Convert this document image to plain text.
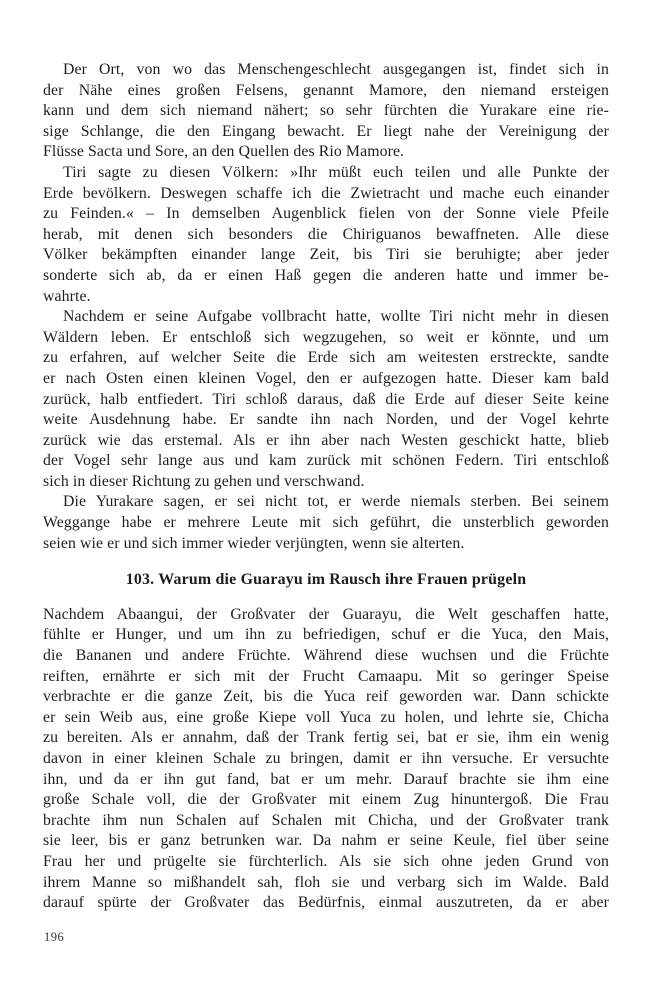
Der Ort, von wo das Menschengeschlecht ausgegangen ist, findet sich in
der Nähe eines großen Felsens, genannt Mamore, den niemand ersteigen
kann und dem sich niemand nähert; so sehr fürchten die Yurakare eine rie-
sige Schlange, die den Eingang bewacht. Er liegt nahe der Vereinigung der
Flüsse Sacta und Sore, an den Quellen des Rio Mamore.
Tiri sagte zu diesen Völkern: »Ihr müßt euch teilen und alle Punkte der
Erde bevölkern. Deswegen schaffe ich die Zwietracht und mache euch einander
zu Feinden.« – In demselben Augenblick fielen von der Sonne viele Pfeile
herab, mit denen sich besonders die Chiriguanos bewaffneten. Alle diese
Völker bekämpften einander lange Zeit, bis Tiri sie beruhigte; aber jeder
sonderte sich ab, da er einen Haß gegen die anderen hatte und immer be-
wahrte.
Nachdem er seine Aufgabe vollbracht hatte, wollte Tiri nicht mehr in diesen
Wäldern leben. Er entschloß sich wegzugehen, so weit er könnte, und um
zu erfahren, auf welcher Seite die Erde sich am weitesten erstreckte, sandte
er nach Osten einen kleinen Vogel, den er aufgezogen hatte. Dieser kam bald
zurück, halb entfiedert. Tiri schloß daraus, daß die Erde auf dieser Seite keine
weite Ausdehnung habe. Er sandte ihn nach Norden, und der Vogel kehrte
zurück wie das erstemal. Als er ihn aber nach Westen geschickt hatte, blieb
der Vogel sehr lange aus und kam zurück mit schönen Federn. Tiri entschloß
sich in dieser Richtung zu gehen und verschwand.
Die Yurakare sagen, er sei nicht tot, er werde niemals sterben. Bei seinem
Weggange habe er mehrere Leute mit sich geführt, die unsterblich geworden
seien wie er und sich immer wieder verjüngten, wenn sie alterten.
103. Warum die Guarayu im Rausch ihre Frauen prügeln
Nachdem Abaangui, der Großvater der Guarayu, die Welt geschaffen hatte,
fühlte er Hunger, und um ihn zu befriedigen, schuf er die Yuca, den Mais,
die Bananen und andere Früchte. Während diese wuchsen und die Früchte
reiften, ernährte er sich mit der Frucht Camaapu. Mit so geringer Speise
verbrachte er die ganze Zeit, bis die Yuca reif geworden war. Dann schickte
er sein Weib aus, eine große Kiepe voll Yuca zu holen, und lehrte sie, Chicha
zu bereiten. Als er annahm, daß der Trank fertig sei, bat er sie, ihm ein wenig
davon in einer kleinen Schale zu bringen, damit er ihn versuche. Er versuchte
ihn, und da er ihn gut fand, bat er um mehr. Darauf brachte sie ihm eine
große Schale voll, die der Großvater mit einem Zug hinuntergoß. Die Frau
brachte ihm nun Schalen auf Schalen mit Chicha, und der Großvater trank
sie leer, bis er ganz betrunken war. Da nahm er seine Keule, fiel über seine
Frau her und prügelte sie fürchterlich. Als sie sich ohne jeden Grund von
ihrem Manne so mißhandelt sah, floh sie und verbarg sich im Walde. Bald
darauf spürte der Großvater das Bedürfnis, einmal auszutreten, da er aber
196
